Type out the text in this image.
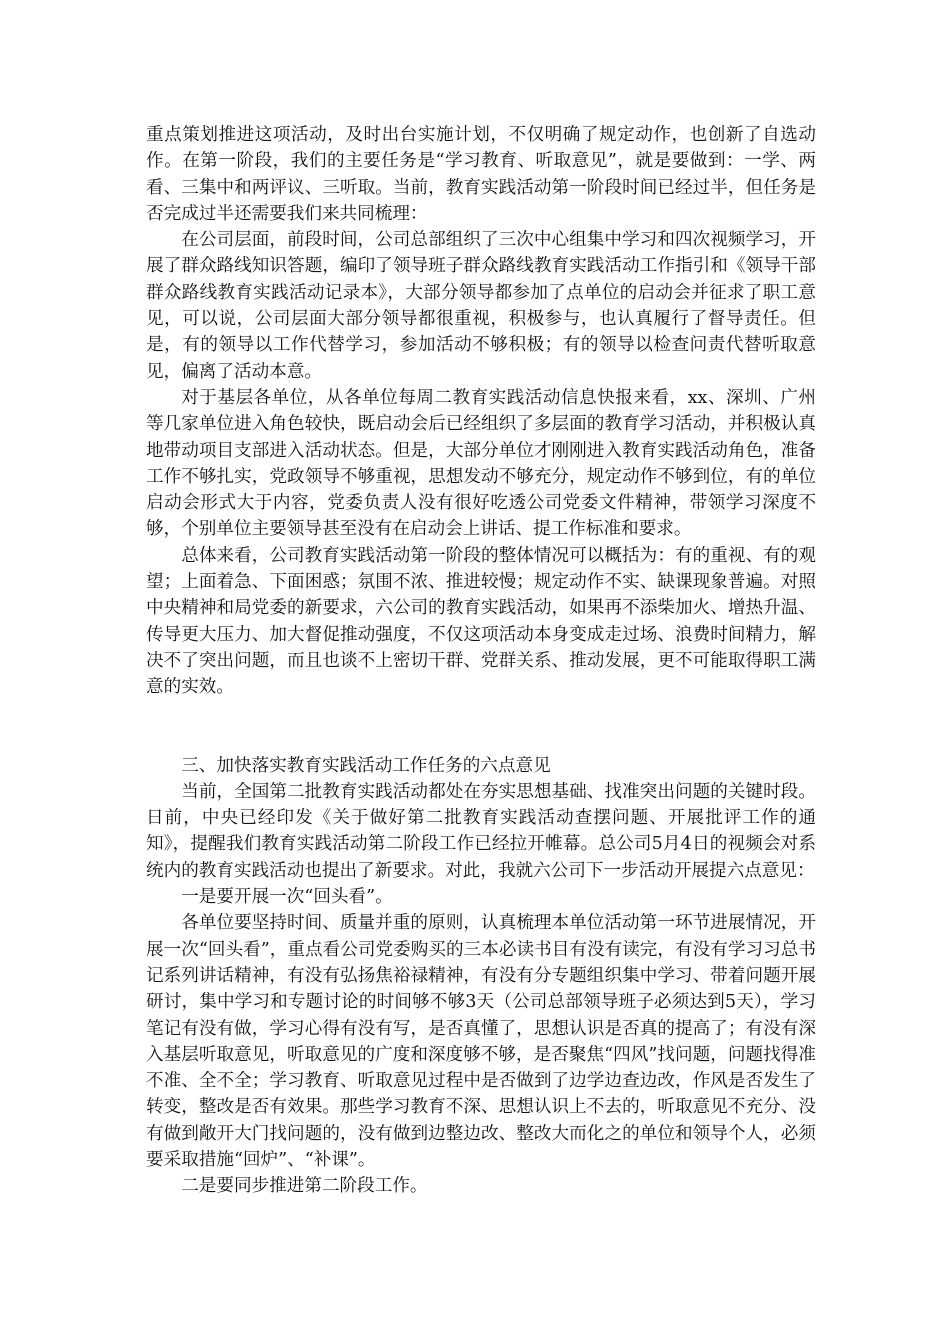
重点策划推进这项活动，及时出台实施计划，不仅明确了规定动作，也创新了自选动作。在第一阶段，我们的主要任务是“学习教育、听取意见”，就是要做到：一学、两看、三集中和两评议、三听取。当前，教育实践活动第一阶段时间已经过半，但任务是否完成过半还需要我们来共同梳理：

在公司层面，前段时间，公司总部组织了三次中心组集中学习和四次视频学习，开展了群众路线知识答题，编印了领导班子群众路线教育实践活动工作指引和《领导干部群众路线教育实践活动记录本》，大部分领导都参加了点单位的启动会并征求了职工意见，可以说，公司层面大部分领导都很重视，积极参与，也认真履行了督导责任。但是，有的领导以工作代替学习，参加活动不够积极；有的领导以检查问责代替听取意见，偏离了活动本意。

对于基层各单位，从各单位每周二教育实践活动信息快报来看，xx、深圳、广州等几家单位进入角色较快，既启动会后已经组织了多层面的教育学习活动，并积极认真地带动项目支部进入活动状态。但是，大部分单位才刚刚进入教育实践活动角色，准备工作不够扎实，党政领导不够重视，思想发动不够充分，规定动作不够到位，有的单位启动会形式大于内容，党委负责人没有很好吃透公司党委文件精神，带领学习深度不够，个别单位主要领导甚至没有在启动会上讲话、提工作标准和要求。

总体来看，公司教育实践活动第一阶段的整体情况可以概括为：有的重视、有的观望；上面着急、下面困惑；氛围不浓、推进较慢；规定动作不实、缺课现象普遍。对照中央精神和局党委的新要求，六公司的教育实践活动，如果再不添柴加火、增热升温、传导更大压力、加大督促推动强度，不仅这项活动本身变成走过场、浪费时间精力，解决不了突出问题，而且也谈不上密切干群、党群关系、推动发展，更不可能取得职工满意的实效。

三、加快落实教育实践活动工作任务的六点意见

当前，全国第二批教育实践活动都处在夯实思想基础、找准突出问题的关键时段。日前，中央已经印发《关于做好第二批教育实践活动查摆问题、开展批评工作的通知》，提醒我们教育实践活动第二阶段工作已经拉开帷幕。总公司5月4日的视频会对系统内的教育实践活动也提出了新要求。对此，我就六公司下一步活动开展提六点意见：

一是要开展一次“回头看”。

各单位要坚持时间、质量并重的原则，认真梳理本单位活动第一环节进展情况，开展一次“回头看”，重点看公司党委购买的三本必读书目有没有读完，有没有学习习总书记系列讲话精神，有没有弘扬焦裕禄精神，有没有分专题组织集中学习、带着问题开展研讨，集中学习和专题讨论的时间够不够3天（公司总部领导班子必须达到5天），学习笔记有没有做，学习心得有没有写，是否真懂了，思想认识是否真的提高了；有没有深入基层听取意见，听取意见的广度和深度够不够，是否聚焦“四风”找问题，问题找得准不准、全不全；学习教育、听取意见过程中是否做到了边学边查边改，作风是否发生了转变，整改是否有效果。那些学习教育不深、思想认识上不去的，听取意见不充分、没有做到敞开大门找问题的，没有做到边整边改、整改大而化之的单位和领导个人，必须要采取措施“回炉”、“补课”。

二是要同步推进第二阶段工作。
